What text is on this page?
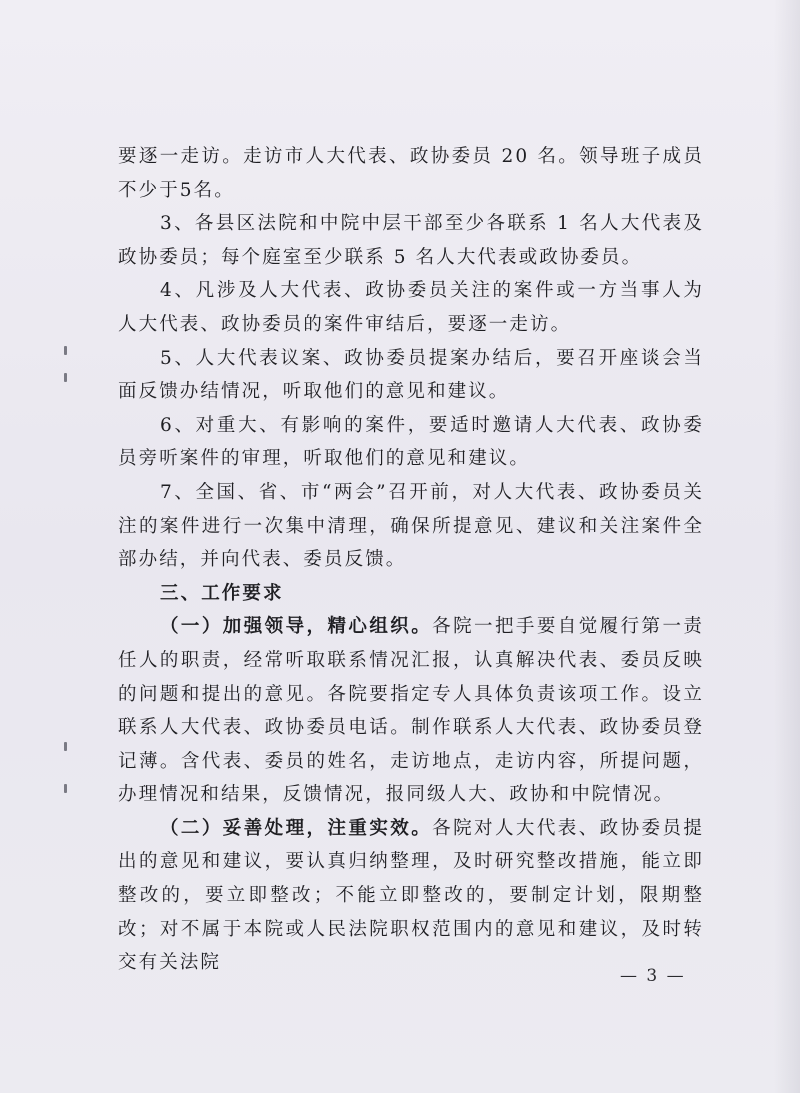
要逐一走访。走访市人大代表、政协委员 20 名。领导班子成员不少于5名。

3、各县区法院和中院中层干部至少各联系 1 名人大代表及政协委员；每个庭室至少联系 5 名人大代表或政协委员。

4、凡涉及人大代表、政协委员关注的案件或一方当事人为人大代表、政协委员的案件审结后，要逐一走访。

5、人大代表议案、政协委员提案办结后，要召开座谈会当面反馈办结情况，听取他们的意见和建议。

6、对重大、有影响的案件，要适时邀请人大代表、政协委员旁听案件的审理，听取他们的意见和建议。

7、全国、省、市“两会”召开前，对人大代表、政协委员关注的案件进行一次集中清理，确保所提意见、建议和关注案件全部办结，并向代表、委员反馈。

三、工作要求

（一）加强领导，精心组织。各院一把手要自觉履行第一责任人的职责，经常听取联系情况汇报，认真解决代表、委员反映的问题和提出的意见。各院要指定专人具体负责该项工作。设立联系人大代表、政协委员电话。制作联系人大代表、政协委员登记薄。含代表、委员的姓名，走访地点，走访内容，所提问题，办理情况和结果，反馈情况，报同级人大、政协和中院情况。

（二）妥善处理，注重实效。各院对人大代表、政协委员提出的意见和建议，要认真归纳整理，及时研究整改措施，能立即整改的，要立即整改；不能立即整改的，要制定计划，限期整改；对不属于本院或人民法院职权范围内的意见和建议，及时转交有关法院

— 3 —
